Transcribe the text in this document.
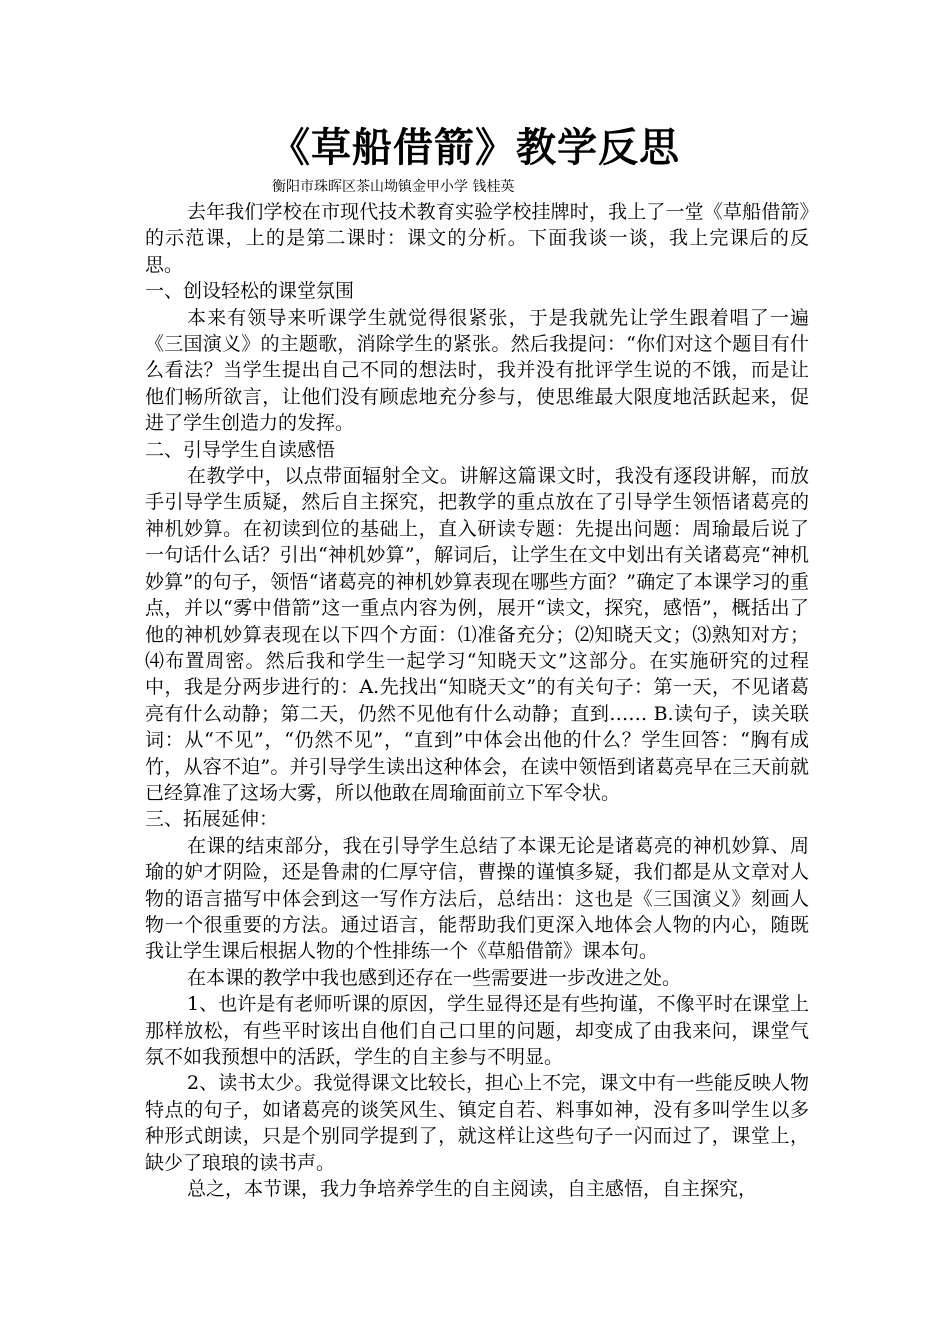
《草船借箭》教学反思
衡阳市珠晖区茶山坳镇金甲小学 钱桂英

去年我们学校在市现代技术教育实验学校挂牌时，我上了一堂《草船借箭》的示范课，上的是第二课时：课文的分析。下面我谈一谈，我上完课后的反思。

一、创设轻松的课堂氛围

本来有领导来听课学生就觉得很紧张，于是我就先让学生跟着唱了一遍《三国演义》的主题歌，消除学生的紧张。然后我提问：“你们对这个题目有什么看法？当学生提出自己不同的想法时，我并没有批评学生说的不饿，而是让他们畅所欲言，让他们没有顾虑地充分参与，使思维最大限度地活跃起来，促进了学生创造力的发挥。

二、引导学生自读感悟

在教学中，以点带面辐射全文。讲解这篇课文时，我没有逐段讲解，而放手引导学生质疑，然后自主探究，把教学的重点放在了引导学生领悟诸葛亮的神机妙算。在初读到位的基础上，直入研读专题：先提出问题：周瑜最后说了一句话什么话？引出“神机妙算”，解词后，让学生在文中划出有关诸葛亮“神机妙算”的句子，领悟“诸葛亮的神机妙算表现在哪些方面？”确定了本课学习的重点，并以“雾中借箭”这一重点内容为例，展开“读文，探究，感悟”，概括出了他的神机妙算表现在以下四个方面：⑴准备充分；⑵知晓天文；⑶熟知对方；⑷布置周密。然后我和学生一起学习“知晓天文”这部分。在实施研究的过程中，我是分两步进行的：A.先找出“知晓天文”的有关句子：第一天，不见诸葛亮有什么动静；第二天，仍然不见他有什么动静；直到…… B.读句子，读关联词：从“不见”，“仍然不见”，“直到”中体会出他的什么？学生回答：“胸有成竹，从容不迫”。并引导学生读出这种体会，在读中领悟到诸葛亮早在三天前就已经算准了这场大雾，所以他敢在周瑜面前立下军令状。

三、拓展延伸：

在课的结束部分，我在引导学生总结了本课无论是诸葛亮的神机妙算、周瑜的妒才阴险，还是鲁肃的仁厚守信，曹操的谨慎多疑，我们都是从文章对人物的语言描写中体会到这一写作方法后，总结出：这也是《三国演义》刻画人物一个很重要的方法。通过语言，能帮助我们更深入地体会人物的内心，随既我让学生课后根据人物的个性排练一个《草船借箭》课本句。

在本课的教学中我也感到还存在一些需要进一步改进之处。

1、也许是有老师听课的原因，学生显得还是有些拘谨，不像平时在课堂上那样放松，有些平时该出自他们自己口里的问题，却变成了由我来问，课堂气氛不如我预想中的活跃，学生的自主参与不明显。

2、读书太少。我觉得课文比较长，担心上不完，课文中有一些能反映人物特点的句子，如诸葛亮的谈笑风生、镇定自若、料事如神，没有多叫学生以多种形式朗读，只是个别同学提到了，就这样让这些句子一闪而过了，课堂上，缺少了琅琅的读书声。

总之，本节课，我力争培养学生的自主阅读，自主感悟，自主探究，
